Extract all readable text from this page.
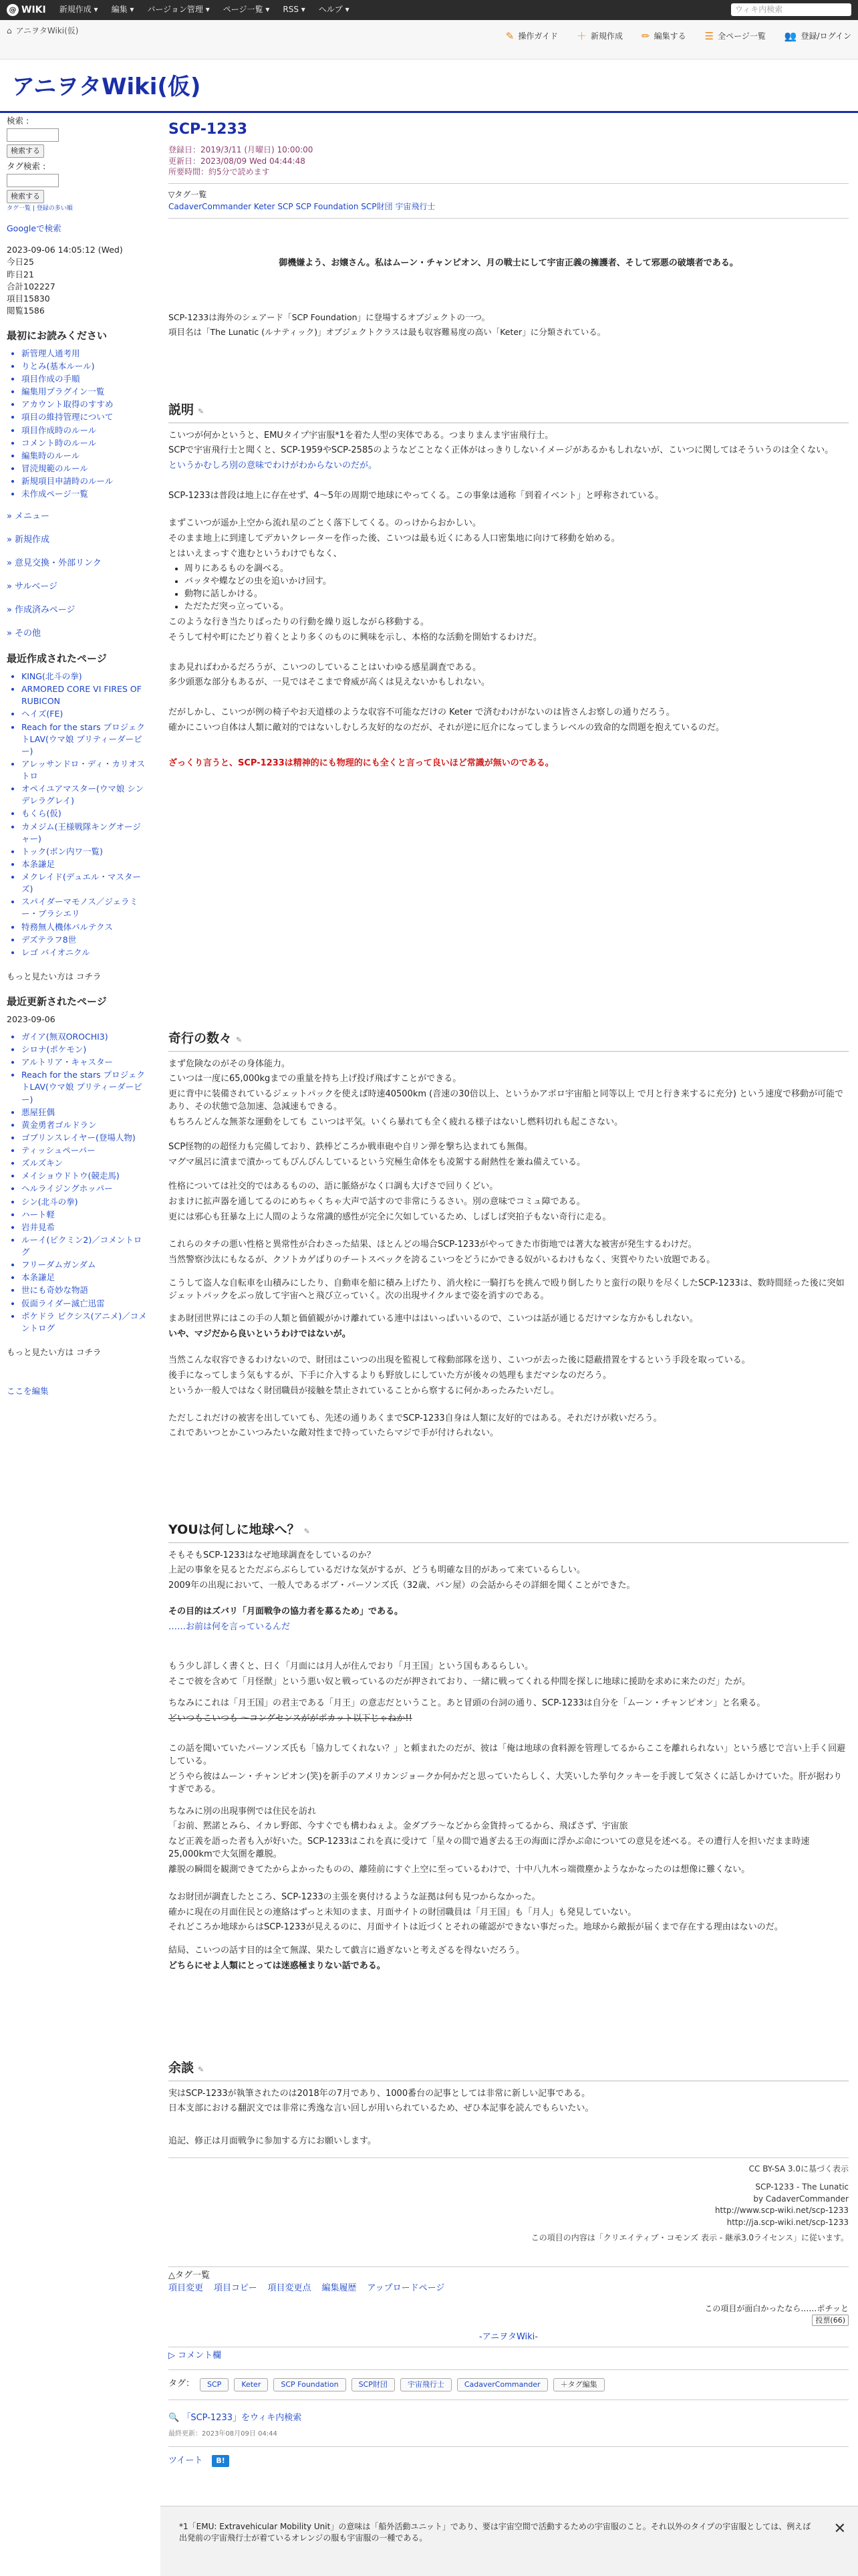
@ WIKI	新規作成 ▾	編集 ▾	バージョン管理 ▾	ページ一覧 ▾	RSS ▾	ヘルプ ▾	ウィキ内検索
⌂ アニヲタWiki(仮)	✎ 操作ガイド ＋ 新規作成 ✏ 編集する ☰ 全ページ一覧 👥 登録/ログイン
アニヲタWiki(仮)
検索 :
検索する
タグ検索 :
検索する
タグ一覧 | 登録の多い順
Googleで検索
2023-09-06 14:05:12 (Wed)
今日25
昨日21
合計102227
項目15830
閲覧1586
最初にお読みください
• 新管理人通考用
• りとみ(基本ルール)
• 項目作成の手順
• 編集用プラグイン一覧
• アカウント取得のすすめ
• 項目の維持管理について
• 項目作成時のルール
• コメント時のルール
• 編集時のルール
• 冒涜規範のルール
• 新規項目申請時のルール
• 未作成ページ一覧
» メニュー
» 新規作成
» 意見交換・外部リンク
» サルベージ
» 作成済みページ
» その他
最近作成されたページ
• KING(北斗の拳)
• ARMORED CORE VI FIRES OF RUBICON
• ヘイズ(FE)
• Reach for the stars プロジェクトLAV(ウマ娘 プリティーダービー)
• アレッサンドロ・ディ・カリオストロ
• オペイユアマスター(ウマ娘 シンデレラグレイ)
• もくら(仮)
• カメジム(王様戦隊キングオージャー)
• トック(ボン内ワ一覧)
• 本条謙足
• メクレイド(デュエル・マスターズ)
• スパイダーマモノス／ジェラミー・ブラシエリ
• 特務無人機体パルテクス
• デズテラフ8世
• レゴ バイオニクル
もっと見たい方は コチラ
最近更新されたページ
2023-09-06
• ガイア(無双OROCHI3)
• シロナ(ポケモン)
• アルトリア・キャスター
• Reach for the stars プロジェクトLAV(ウマ娘 プリティーダービー)
• 悪屋狂偶
• 黄金勇者ゴルドラン
• ゴブリンスレイヤー(登場人物)
• ティッシュペーパー
• ズルズキン
• メイショウドトウ(競走馬)
• ヘルライジングホッパー
• シン(北斗の拳)
• ハート軽
• 岩井見希
• ルーイ(ピクミン2)／コメントログ
• フリーダムガンダム
• 本条謙足
• 世にも奇妙な物語
• 仮面ライダー滅亡迅雷
• ポケドラ ピクシス(アニメ)／コメントログ
もっと見たい方は コチラ
ここを編集
SCP-1233
登録日：2019/3/11 (月曜日) 10:00:00
更新日：2023/08/09 Wed 04:44:48
所要時間：約5分で読めます
▽タグ一覧
CadaverCommander Keter SCP SCP Foundation SCP財団 宇宙飛行士
御機嫌よう、お嬢さん。私はムーン・チャンピオン、月の戦士にして宇宙正義の擁護者、そして邪悪の破壊者である。

SCP-1233は海外のシェアード「SCP Foundation」に登場するオブジェクトの一つ。

項目名は「The Lunatic (ルナティック)」オブジェクトクラスは最も収容難易度の高い「Keter」に分類されている。

説明 ✎

こいつが何かというと、EMUタイプ宇宙服*1を着た人型の実体である。つまりまんま宇宙飛行士。

SCPで宇宙飛行士と聞くと、SCP-1959やSCP-2585のようなどことなく正体がはっきりしないイメージがあるかもしれないが、こいつに関してはそういうのは全くない。

というかむしろ別の意味でわけがわからないのだが。

SCP-1233は普段は地上に存在せず、4〜5年の周期で地球にやってくる。この事象は通称「到着イベント」と呼称されている。

まずこいつが遥か上空から流れ星のごとく落下してくる。のっけからおかしい。

そのまま地上に到達してデカいクレーターを作った後、こいつは最も近くにある人口密集地に向けて移動を始める。

とはいえまっすぐ進むというわけでもなく、

• 周りにあるものを調べる。
• バッタや蝶などの虫を追いかけ回す。
• 動物に話しかける。
• ただただ突っ立っている。

このような行き当たりばったりの行動を繰り返しながら移動する。

そうして村や町にたどり着くとより多くのものに興味を示し、本格的な活動を開始するわけだ。

まあ見ればわかるだろうが、こいつのしていることはいわゆる感星調査である。

多少頭悪な部分もあるが、一見ではそこまで脅威が高くは見えないかもしれない。

だがしかし、こいつが例の椅子やお天道様のような収容不可能なだけの Keter で済むわけがないのは皆さんお察しの通りだろう。

確かにこいつ自体は人類に敵対的ではないしむしろ友好的なのだが、それが逆に厄介になってしまうレベルの致命的な問題を抱えているのだ。

ざっくり言うと、SCP-1233は精神的にも物理的にも全くと言って良いほど常識が無いのである。

奇行の数々 ✎

まず危険なのがその身体能力。

こいつは一度に65,000kgまでの重量を持ち上げ投げ飛ばすことができる。

更に背中に装備されているジェットパックを使えば時速40500km (音速の30倍以上、というかアポロ宇宙船と同等以上 で月と行き来するに充分) という速度で移動が可能であり、その状態で急加速、急減速もできる。

もちろんどんな無茶な運動をしても こいつは平気。いくら暴れても全く疲れる様子はないし燃料切れも起こさない。

SCP怪物的の超怪力も完備しており、鉄棒どころか戦車砲や自リン弾を撃ち込まれても無傷。

マグマ風呂に漬まで漬かってもぴんぴんしているという究極生命体をも凌駕する耐熱性を兼ね備えている。

性格については社交的ではあるものの、語に脈絡がなく口調も大げさで回りくどい。

おまけに拡声器を通してるのにめちゃくちゃ大声で話すので非常にうるさい。別の意味でコミュ障である。

更には邪心も狂暴な上に人間のような常識的感性が完全に欠如しているため、しばしば突拍子もない奇行に走る。

これらのタチの悪い性格と異常性が合わさった結果、ほとんどの場合SCP-1233がやってきた市街地では著大な被害が発生するわけだ。

当然警察沙汰にもなるが、クソトカゲばりのチートスペックを誇るこいつをどうにかできる奴がいるわけもなく、実質やりたい放題である。

こうして盗人な自転車を山積みにしたり、自動車を船に積み上げたり、消火栓に一騎打ちを挑んで殴り倒したりと蛮行の限りを尽くしたSCP-1233は、数時間経った後に突如ジェットパックをぶっ放して宇宙へと飛び立っていく。次の出現サイクルまで姿を消すのである。

まあ財団世界にはこの手の人類と価値観がかけ離れている連中ははいっぱいいるので、こいつは話が通じるだけマシな方かもしれない。

いや、マジだから良いというわけではないが。

当然こんな収容できるわけないので、財団はこいつの出現を監視して稼動部隊を送り、こいつが去った後に隠蔽措置をするという手段を取っている。

後手になってしまう気もするが、下手に介入するよりも野放しにしていた方が後々の処理もまだマシなのだろう。

というか一般人ではなく財団職員が接触を禁止されていることから察するに何かあったみたいだし。

ただしこれだけの被害を出していても、先述の通りあくまでSCP-1233自身は人類に友好的ではある。それだけが救いだろう。

これであいつとかこいつみたいな敵対性まで持っていたらマジで手が付けられない。

YOUは何しに地球へ？ ✎

そもそもSCP-1233はなぜ地球調査をしているのか？

上記の事象を見るとただぶらぶらしているだけな気がするが、どうも明確な目的があって来ているらしい。

2009年の出現において、一般人であるボブ・パーソンズ氏（32歳、バン屋）の会話からその詳細を聞くことができた。

その目的はズバリ「月面戦争の協力者を募るため」である。

……お前は何を言っているんだ

もう少し詳しく書くと、曰く「月面には月人が住んでおり「月王国」という国もあるらしい。

そこで彼を含めて「月怪獣」という悪い奴と戦っているのだが押されており、一緒に戦ってくれる仲間を探しに地球に援助を求めに来たのだ」たが。

ちなみにこれは「月王国」の君主である「月王」の意志だということ。あと冒頭の台詞の通り、SCP-1233は自分を「ムーン・チャンピオン」と名乗る。

どいつもこいつも ～コングセンスががポカット以下じゃねか!!

この話を聞いていたパーソンズ氏も「協力してくれない？」と頼まれたのだが、彼は「俺は地球の食料源を管理してるからここを離れられない」という感じで言い上手く回避している。

どうやら彼はムーン・チャンピオン(笑)を新手のアメリカンジョークか何かだと思っていたらしく、大笑いした挙句クッキーを手渡して気さくに話しかけていた。肝が据わりすぎである。

ちなみに別の出現事例では住民を訪れ

「お前、黙諾とみら、イカレ野郎、今すぐでも構わねぇよ。金ダブラ〜などから金貨持ってるから、飛ばさず、宇宙旅

など正義を語った者も入が好いた。SCP-1233はこれを真に受けて「星々の間で過ぎ去る王の海面に浮かぶ命についての意見を述べる。その遭行人を担いだまま時速25,000kmで大気圏を離脱。

離脱の瞬間を観測できてたからよかったものの、離陸前にすぐ上空に至っているわけで、十中八九木っ端微塵かようなかなったのは想像に難くない。

なお財団が調査したところ、SCP-1233の主張を裏付けるような証拠は何も見つからなかった。

確かに現在の月面住民との連絡はずっと未知のまま、月面サイトの財団職員は「月王国」も「月人」も発見していない。

それどころか地球からはSCP-1233が見えるのに、月面サイトは近づくとそれの確認ができない事だった。地球から敵振が届くまで存在する理由はないのだ。

結局、こいつの話す目的は全て無謀、果たして戯言に過ぎないと考えざるを得ないだろう。

どちらにせよ人類にとっては迷惑極まりない話である。

余談 ✎

実はSCP-1233が執筆されたのは2018年の7月であり、1000番台の記事としては非常に新しい記事である。

日本支部における翻訳文では非常に秀逸な言い回しが用いられているため、ぜひ本記事を読んでもらいたい。

追記、修正は月面戦争に参加する方にお願いします。

CC BY-SA 3.0に基づく表示
SCP-1233 - The Lunatic
by CadaverCommander
http://www.scp-wiki.net/scp-1233
http://ja.scp-wiki.net/scp-1233
この項目の内容は「クリエイティブ・コモンズ 表示 - 継承3.0ライセンス」に従います。
△タグ一覧
項目変更 項目コピー 項目変更点 編集履歴 アップロードページ
この項目が面白かったなら……ポチッと
投票(66)
-アニヲタWiki-
▷ コメント欄
タグ：	SCP	Keter	SCP Foundation	SCP財団	宇宙飛行士	CadaverCommander	＋タグ編集
🔍 「SCP-1233」をウィキ内検索
最終更新：2023年08月09日 04:44
ツイート	B!
*1「EMU: Extravehicular Mobility Unit」の意味は「船外活動ユニット」であり、要は宇宙空間で活動するための宇宙服のこと。それ以外のタイプの宇宙服としては、例えば出発前の宇宙飛行士が着ているオレンジの服も宇宙服の一種である。
✕
